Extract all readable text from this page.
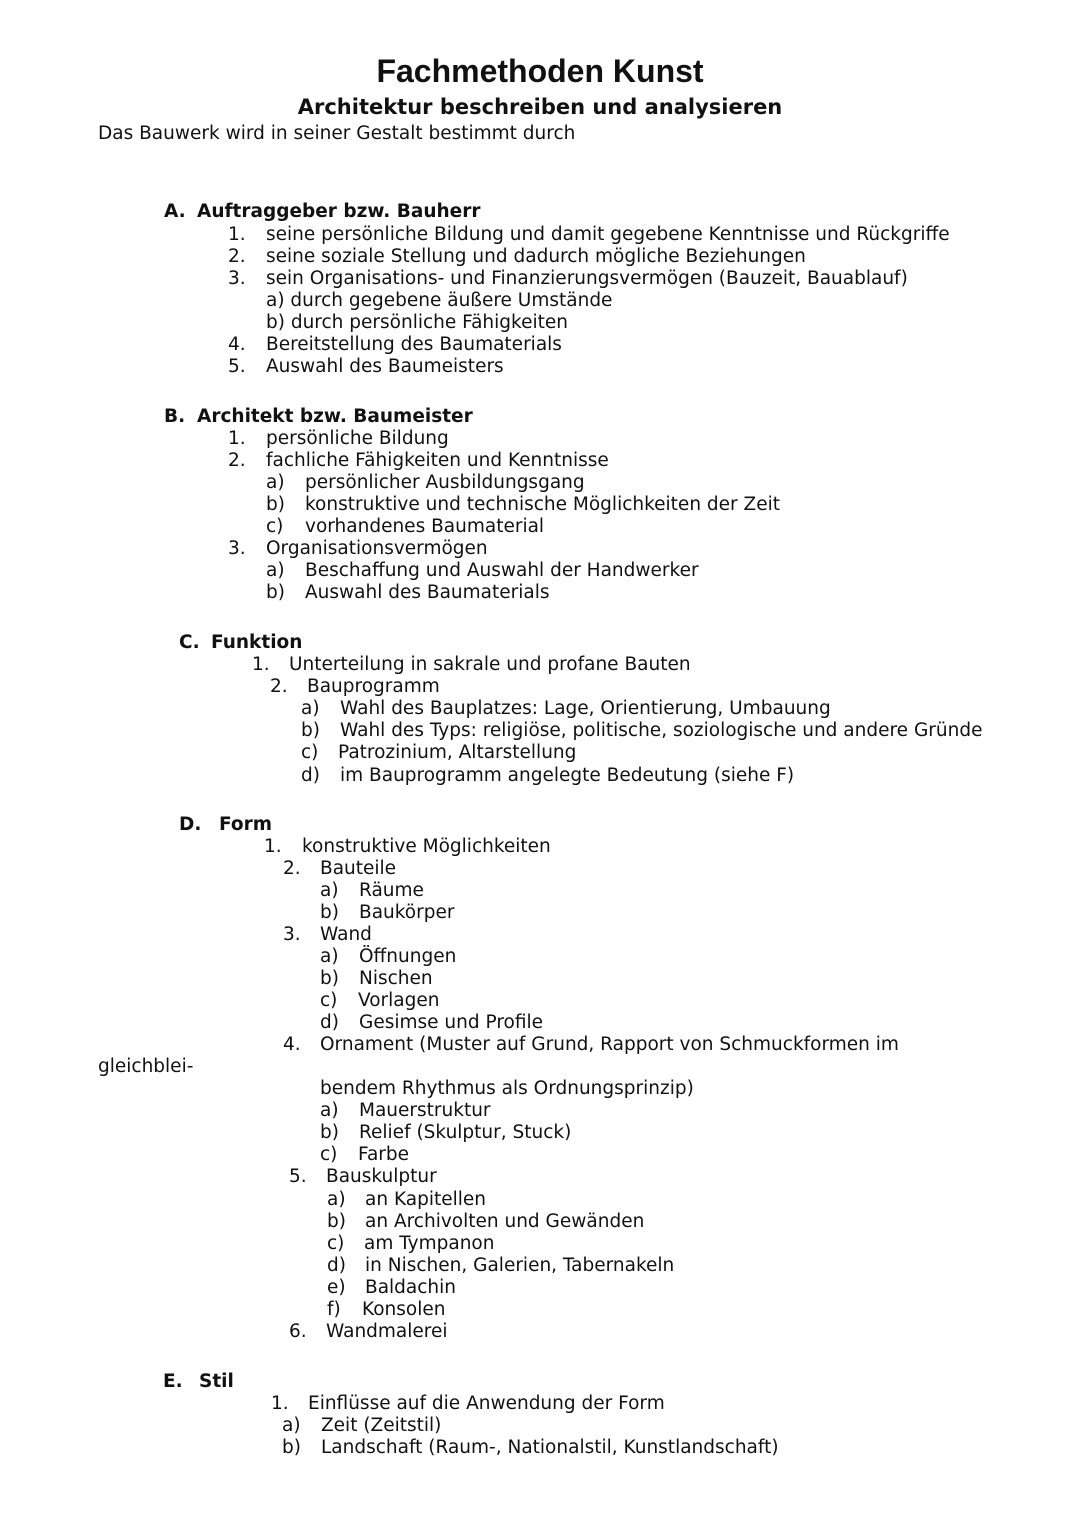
Fachmethoden Kunst
Architektur beschreiben und analysieren
Das Bauwerk wird in seiner Gestalt bestimmt durch
A. Auftraggeber bzw. Bauherr
1. seine persönliche Bildung und damit gegebene Kenntnisse und Rückgriffe
2. seine soziale Stellung und dadurch mögliche Beziehungen
3. sein Organisations- und Finanzierungsvermögen (Bauzeit, Bauablauf)
a) durch gegebene äußere Umstände
b) durch persönliche Fähigkeiten
4. Bereitstellung des Baumaterials
5. Auswahl des Baumeisters
B. Architekt bzw. Baumeister
1. persönliche Bildung
2. fachliche Fähigkeiten und Kenntnisse
a) persönlicher Ausbildungsgang
b) konstruktive und technische Möglichkeiten der Zeit
c) vorhandenes Baumaterial
3. Organisationsvermögen
a) Beschaffung und Auswahl der Handwerker
b) Auswahl des Baumaterials
C. Funktion
1. Unterteilung in sakrale und profane Bauten
2. Bauprogramm
a) Wahl des Bauplatzes: Lage, Orientierung, Umbauung
b) Wahl des Typs: religiöse, politische, soziologische und andere Gründe
c) Patrozinium, Altarstellung
d) im Bauprogramm angelegte Bedeutung (siehe F)
D. Form
1. konstruktive Möglichkeiten
2. Bauteile
a) Räume
b) Baukörper
3. Wand
a) Öffnungen
b) Nischen
c) Vorlagen
d) Gesimse und Profile
4. Ornament (Muster auf Grund, Rapport von Schmuckformen im
gleichblei-
bendem Rhythmus als Ordnungsprinzip)
a) Mauerstruktur
b) Relief (Skulptur, Stuck)
c) Farbe
5. Bauskulptur
a) an Kapitellen
b) an Archivolten und Gewänden
c) am Tympanon
d) in Nischen, Galerien, Tabernakeln
e) Baldachin
f) Konsolen
6. Wandmalerei
E. Stil
1. Einflüsse auf die Anwendung der Form
a) Zeit (Zeitstil)
b) Landschaft (Raum-, Nationalstil, Kunstlandschaft)
